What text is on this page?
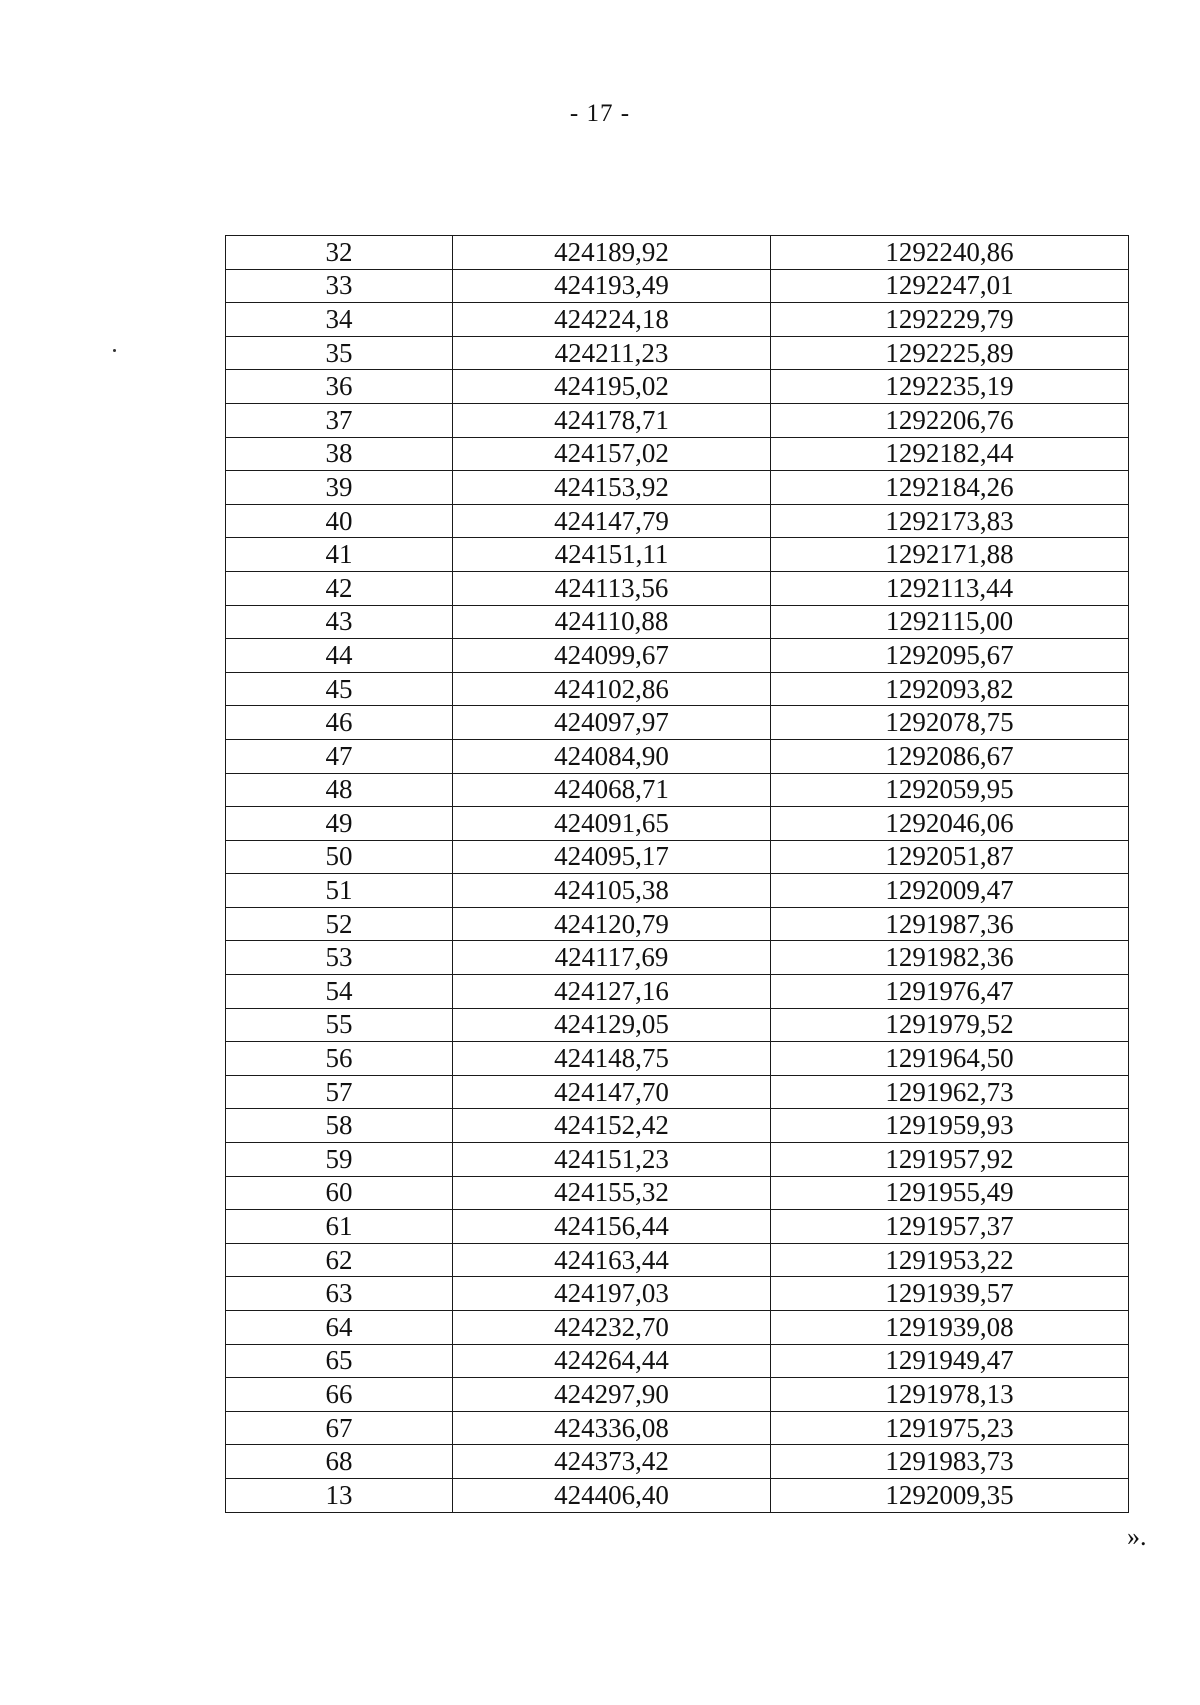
- 17 -
32	424189,92	1292240,86
33	424193,49	1292247,01
34	424224,18	1292229,79
35	424211,23	1292225,89
36	424195,02	1292235,19
37	424178,71	1292206,76
38	424157,02	1292182,44
39	424153,92	1292184,26
40	424147,79	1292173,83
41	424151,11	1292171,88
42	424113,56	1292113,44
43	424110,88	1292115,00
44	424099,67	1292095,67
45	424102,86	1292093,82
46	424097,97	1292078,75
47	424084,90	1292086,67
48	424068,71	1292059,95
49	424091,65	1292046,06
50	424095,17	1292051,87
51	424105,38	1292009,47
52	424120,79	1291987,36
53	424117,69	1291982,36
54	424127,16	1291976,47
55	424129,05	1291979,52
56	424148,75	1291964,50
57	424147,70	1291962,73
58	424152,42	1291959,93
59	424151,23	1291957,92
60	424155,32	1291955,49
61	424156,44	1291957,37
62	424163,44	1291953,22
63	424197,03	1291939,57
64	424232,70	1291939,08
65	424264,44	1291949,47
66	424297,90	1291978,13
67	424336,08	1291975,23
68	424373,42	1291983,73
13	424406,40	1292009,35
».
